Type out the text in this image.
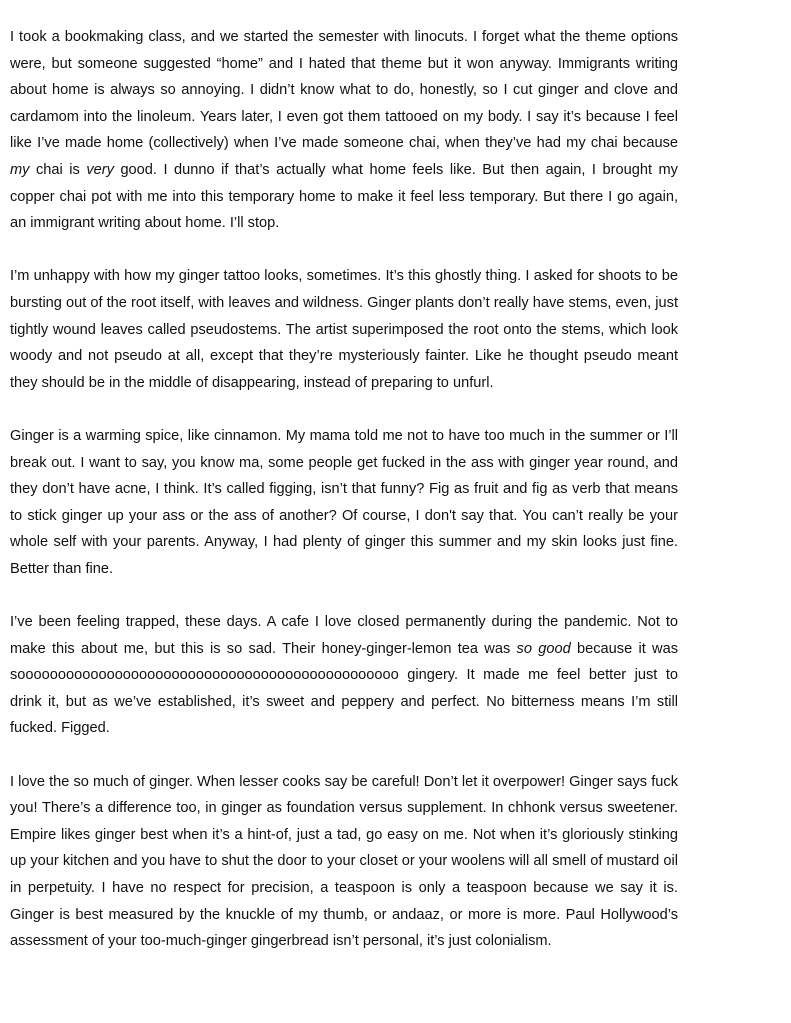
I took a bookmaking class, and we started the semester with linocuts. I forget what the theme options were, but someone suggested “home” and I hated that theme but it won anyway. Immigrants writing about home is always so annoying. I didn’t know what to do, honestly, so I cut ginger and clove and cardamom into the linoleum. Years later, I even got them tattooed on my body. I say it’s because I feel like I’ve made home (collectively) when I’ve made someone chai, when they’ve had my chai because my chai is very good. I dunno if that’s actually what home feels like. But then again, I brought my copper chai pot with me into this temporary home to make it feel less temporary. But there I go again, an immigrant writing about home. I’ll stop.

I’m unhappy with how my ginger tattoo looks, sometimes. It’s this ghostly thing. I asked for shoots to be bursting out of the root itself, with leaves and wildness. Ginger plants don’t really have stems, even, just tightly wound leaves called pseudostems. The artist superimposed the root onto the stems, which look woody and not pseudo at all, except that they’re mysteriously fainter. Like he thought pseudo meant they should be in the middle of disappearing, instead of preparing to unfurl.

Ginger is a warming spice, like cinnamon. My mama told me not to have too much in the summer or I’ll break out. I want to say, you know ma, some people get fucked in the ass with ginger year round, and they don’t have acne, I think. It’s called figging, isn’t that funny? Fig as fruit and fig as verb that means to stick ginger up your ass or the ass of another? Of course, I don't say that. You can’t really be your whole self with your parents. Anyway, I had plenty of ginger this summer and my skin looks just fine. Better than fine.

I’ve been feeling trapped, these days. A cafe I love closed permanently during the pandemic. Not to make this about me, but this is so sad. Their honey-ginger-lemon tea was so good because it was sooooooooooooooooooooooooooooooooooooooooooooooo gingery. It made me feel better just to drink it, but as we’ve established, it’s sweet and peppery and perfect. No bitterness means I’m still fucked. Figged.

I love the so much of ginger. When lesser cooks say be careful! Don’t let it overpower! Ginger says fuck you! There’s a difference too, in ginger as foundation versus supplement. In chhonk versus sweetener. Empire likes ginger best when it’s a hint-of, just a tad, go easy on me. Not when it’s gloriously stinking up your kitchen and you have to shut the door to your closet or your woolens will all smell of mustard oil in perpetuity. I have no respect for precision, a teaspoon is only a teaspoon because we say it is. Ginger is best measured by the knuckle of my thumb, or andaaz, or more is more. Paul Hollywood’s assessment of your too-much-ginger gingerbread isn’t personal, it’s just colonialism.
